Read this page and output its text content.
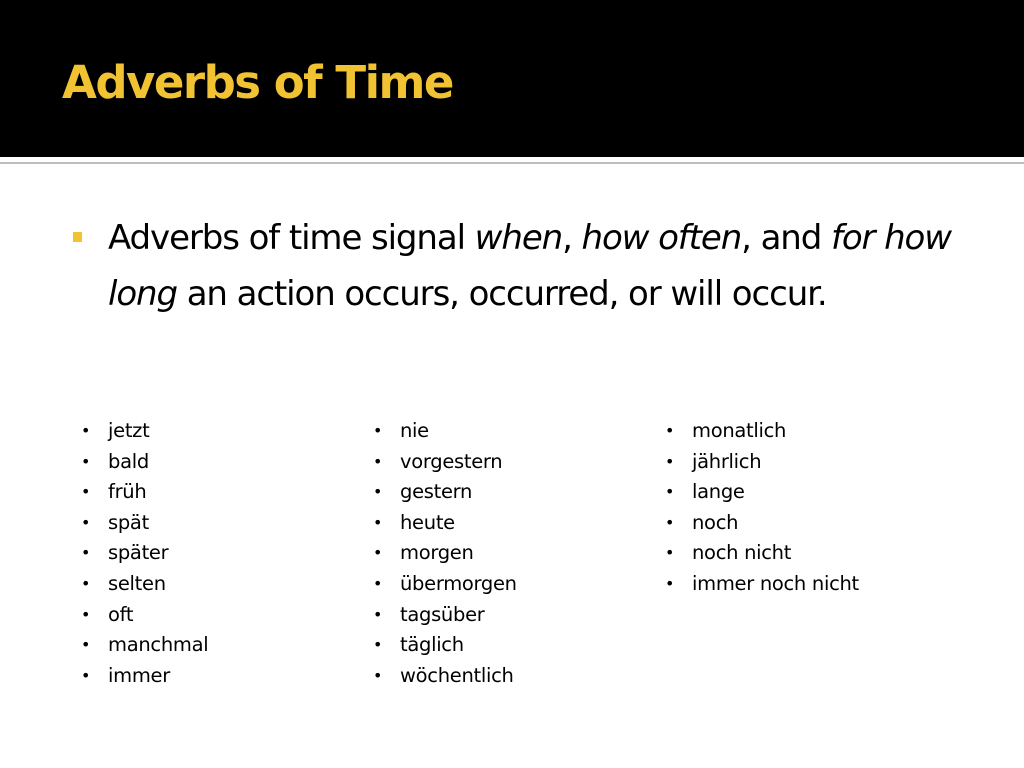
Adverbs of Time

Adverbs of time signal when, how often, and for how long an action occurs, occurred, or will occur.

• jetzt
• bald
• früh
• spät
• später
• selten
• oft
• manchmal
• immer
• nie
• vorgestern
• gestern
• heute
• morgen
• übermorgen
• tagsüber
• täglich
• wöchentlich
• monatlich
• jährlich
• lange
• noch
• noch nicht
• immer noch nicht
